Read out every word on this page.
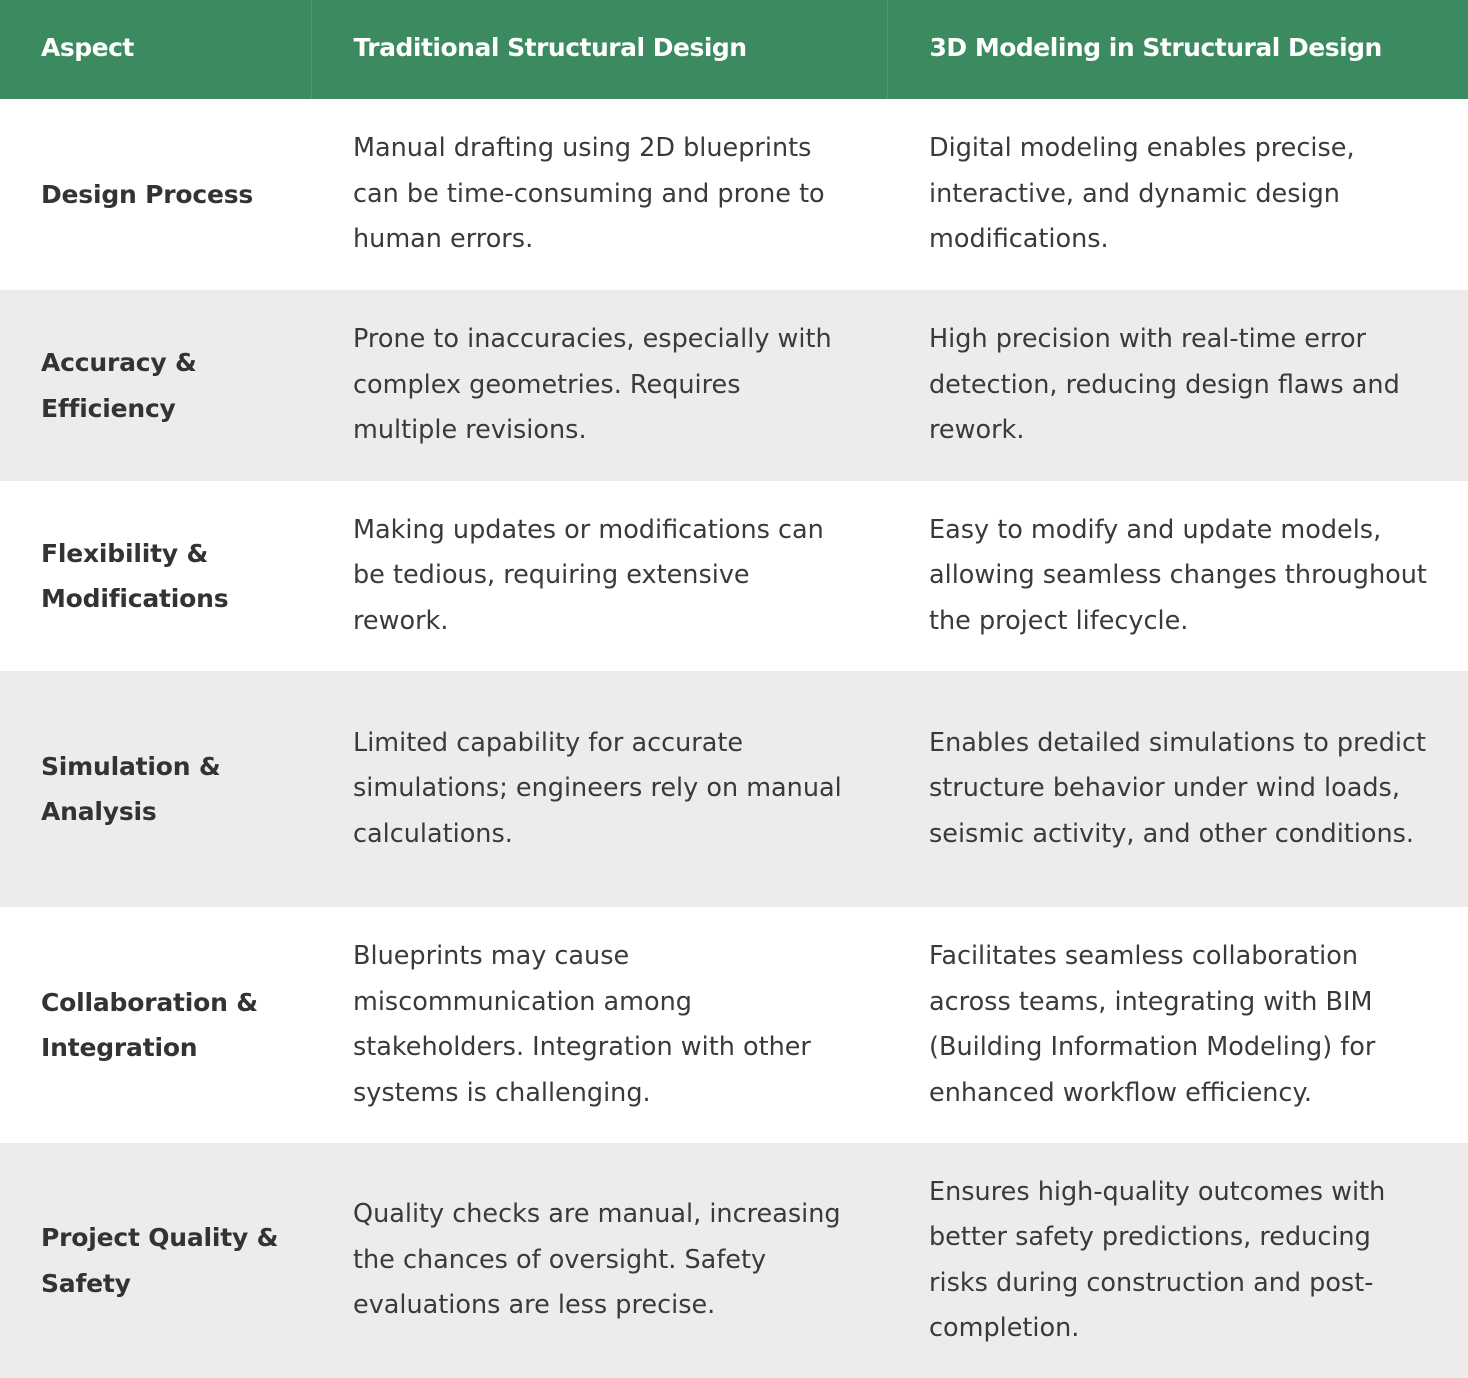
Aspect	Traditional Structural Design	3D Modeling in Structural Design
Design Process	Manual drafting using 2D blueprints can be time-consuming and prone to human errors.	Digital modeling enables precise, interactive, and dynamic design modifications.
Accuracy & Efficiency	Prone to inaccuracies, especially with complex geometries. Requires multiple revisions.	High precision with real-time error detection, reducing design flaws and rework.
Flexibility & Modifications	Making updates or modifications can be tedious, requiring extensive rework.	Easy to modify and update models, allowing seamless changes throughout the project lifecycle.
Simulation & Analysis	Limited capability for accurate simulations; engineers rely on manual calculations.	Enables detailed simulations to predict structure behavior under wind loads, seismic activity, and other conditions.
Collaboration & Integration	Blueprints may cause miscommunication among stakeholders. Integration with other systems is challenging.	Facilitates seamless collaboration across teams, integrating with BIM (Building Information Modeling) for enhanced workflow efficiency.
Project Quality & Safety	Quality checks are manual, increasing the chances of oversight. Safety evaluations are less precise.	Ensures high-quality outcomes with better safety predictions, reducing risks during construction and post-completion.
